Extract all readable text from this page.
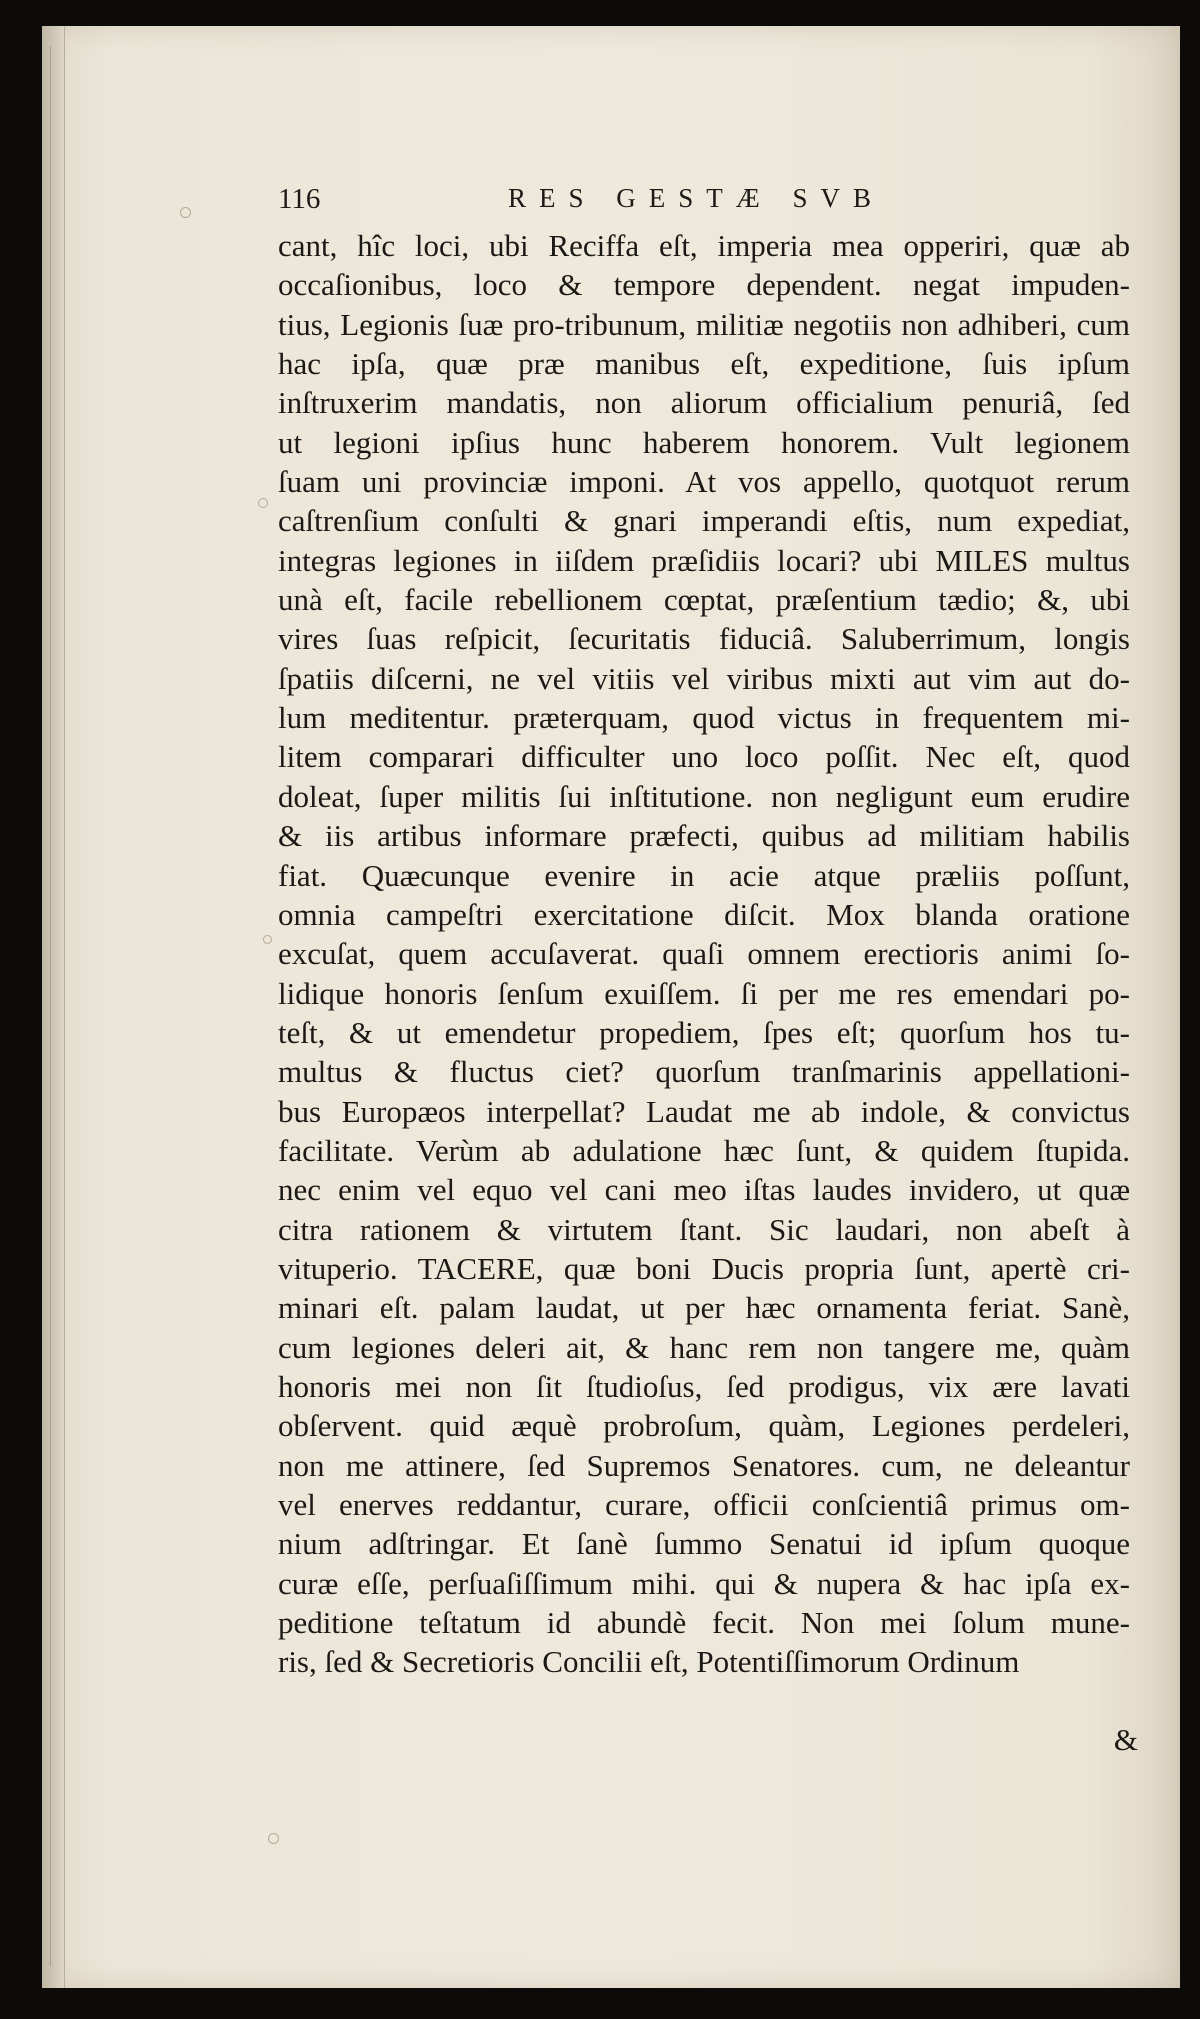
116	RES GESTÆ SVB
cant, hîc loci, ubi Reciffa eſt, imperia mea opperiri, quæ ab
occaſionibus, loco & tempore dependent. negat impuden-
tius, Legionis ſuæ pro-tribunum, militiæ negotiis non adhiberi, cum
hac ipſa, quæ præ manibus eſt, expeditione, ſuis ipſum
inſtruxerim mandatis, non aliorum officialium penuriâ, ſed
ut legioni ipſius hunc haberem honorem. Vult legionem
ſuam uni provinciæ imponi. At vos appello, quotquot rerum
caſtrenſium conſulti & gnari imperandi eſtis, num expediat,
integras legiones in iiſdem præſidiis locari? ubi MILES multus
unà eſt, facile rebellionem cœptat, præſentium tædio; &, ubi
vires ſuas reſpicit, ſecuritatis fiduciâ. Saluberrimum, longis
ſpatiis diſcerni, ne vel vitiis vel viribus mixti aut vim aut do-
lum meditentur. præterquam, quod victus in frequentem mi-
litem comparari difficulter uno loco poſſit. Nec eſt, quod
doleat, ſuper militis ſui inſtitutione. non negligunt eum erudire
& iis artibus informare præfecti, quibus ad militiam habilis
fiat. Quæcunque evenire in acie atque præliis poſſunt,
omnia campeſtri exercitatione diſcit. Mox blanda oratione
excuſat, quem accuſaverat. quaſi omnem erectioris animi ſo-
lidique honoris ſenſum exuiſſem. ſi per me res emendari po-
teſt, & ut emendetur propediem, ſpes eſt; quorſum hos tu-
multus & fluctus ciet? quorſum tranſmarinis appellationi-
bus Europæos interpellat? Laudat me ab indole, & convictus
facilitate. Verùm ab adulatione hæc ſunt, & quidem ſtupida.
nec enim vel equo vel cani meo iſtas laudes invidero, ut quæ
citra rationem & virtutem ſtant. Sic laudari, non abeſt à
vituperio. TACERE, quæ boni Ducis propria ſunt, apertè cri-
minari eſt. palam laudat, ut per hæc ornamenta feriat. Sanè,
cum legiones deleri ait, & hanc rem non tangere me, quàm
honoris mei non ſit ſtudioſus, ſed prodigus, vix ære lavati
obſervent. quid æquè probroſum, quàm, Legiones perdeleri,
non me attinere, ſed Supremos Senatores. cum, ne deleantur
vel enerves reddantur, curare, officii conſcientiâ primus om-
nium adſtringar. Et ſanè ſummo Senatui id ipſum quoque
curæ eſſe, perſuaſiſſimum mihi. qui & nupera & hac ipſa ex-
peditione teſtatum id abundè fecit. Non mei ſolum mune-
ris, ſed & Secretioris Concilii eſt, Potentiſſimorum Ordinum
&
